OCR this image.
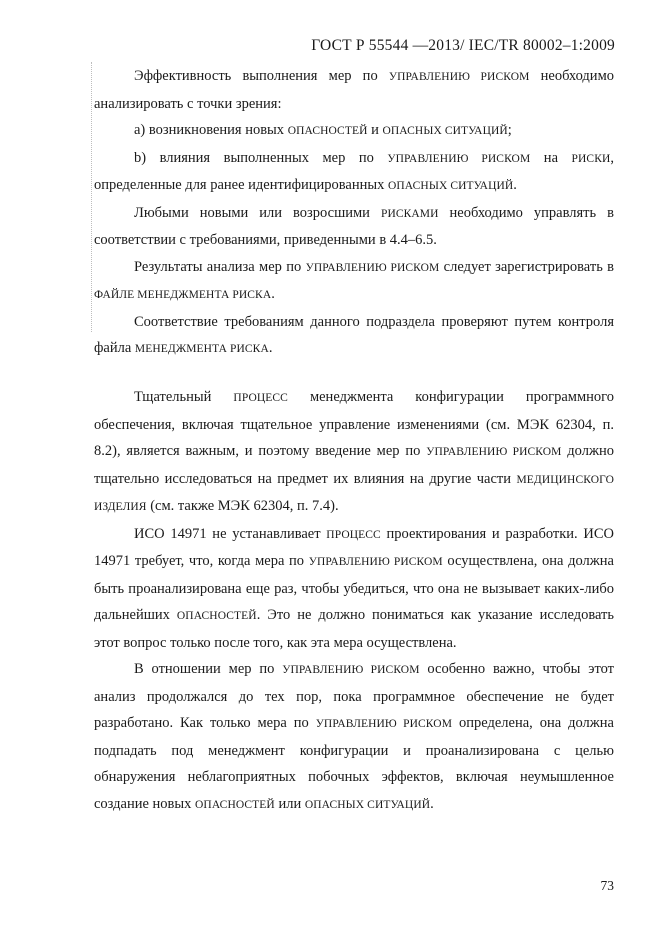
ГОСТ Р 55544 —2013/ IEC/TR 80002–1:2009

Эффективность выполнения мер по УПРАВЛЕНИЮ РИСКОМ необходимо анализировать с точки зрения:

а) возникновения новых ОПАСНОСТЕЙ и ОПАСНЫХ СИТУАЦИЙ;

b) влияния выполненных мер по УПРАВЛЕНИЮ РИСКОМ на РИСКИ, определенные для ранее идентифицированных ОПАСНЫХ СИТУАЦИЙ.

Любыми новыми или возросшими РИСКАМИ необходимо управлять в соответствии с требованиями, приведенными в 4.4–6.5.

Результаты анализа мер по УПРАВЛЕНИЮ РИСКОМ следует зарегистрировать в ФАЙЛЕ МЕНЕДЖМЕНТА РИСКА.

Соответствие требованиям данного подраздела проверяют путем контроля файла МЕНЕДЖМЕНТА РИСКА.

Тщательный ПРОЦЕСС менеджмента конфигурации программного обеспечения, включая тщательное управление изменениями (см. МЭК 62304, п. 8.2), является важным, и поэтому введение мер по УПРАВЛЕНИЮ РИСКОМ должно тщательно исследоваться на предмет их влияния на другие части МЕДИЦИНСКОГО ИЗДЕЛИЯ (см. также МЭК 62304, п. 7.4).

ИСО 14971 не устанавливает ПРОЦЕСС проектирования и разработки. ИСО 14971 требует, что, когда мера по УПРАВЛЕНИЮ РИСКОМ осуществлена, она должна быть проанализирована еще раз, чтобы убедиться, что она не вызывает каких-либо дальнейших ОПАСНОСТЕЙ. Это не должно пониматься как указание исследовать этот вопрос только после того, как эта мера осуществлена.

В отношении мер по УПРАВЛЕНИЮ РИСКОМ особенно важно, чтобы этот анализ продолжался до тех пор, пока программное обеспечение не будет разработано. Как только мера по УПРАВЛЕНИЮ РИСКОМ определена, она должна подпадать под менеджмент конфигурации и проанализирована с целью обнаружения неблагоприятных побочных эффектов, включая неумышленное создание новых ОПАСНОСТЕЙ или ОПАСНЫХ СИТУАЦИЙ.

73
